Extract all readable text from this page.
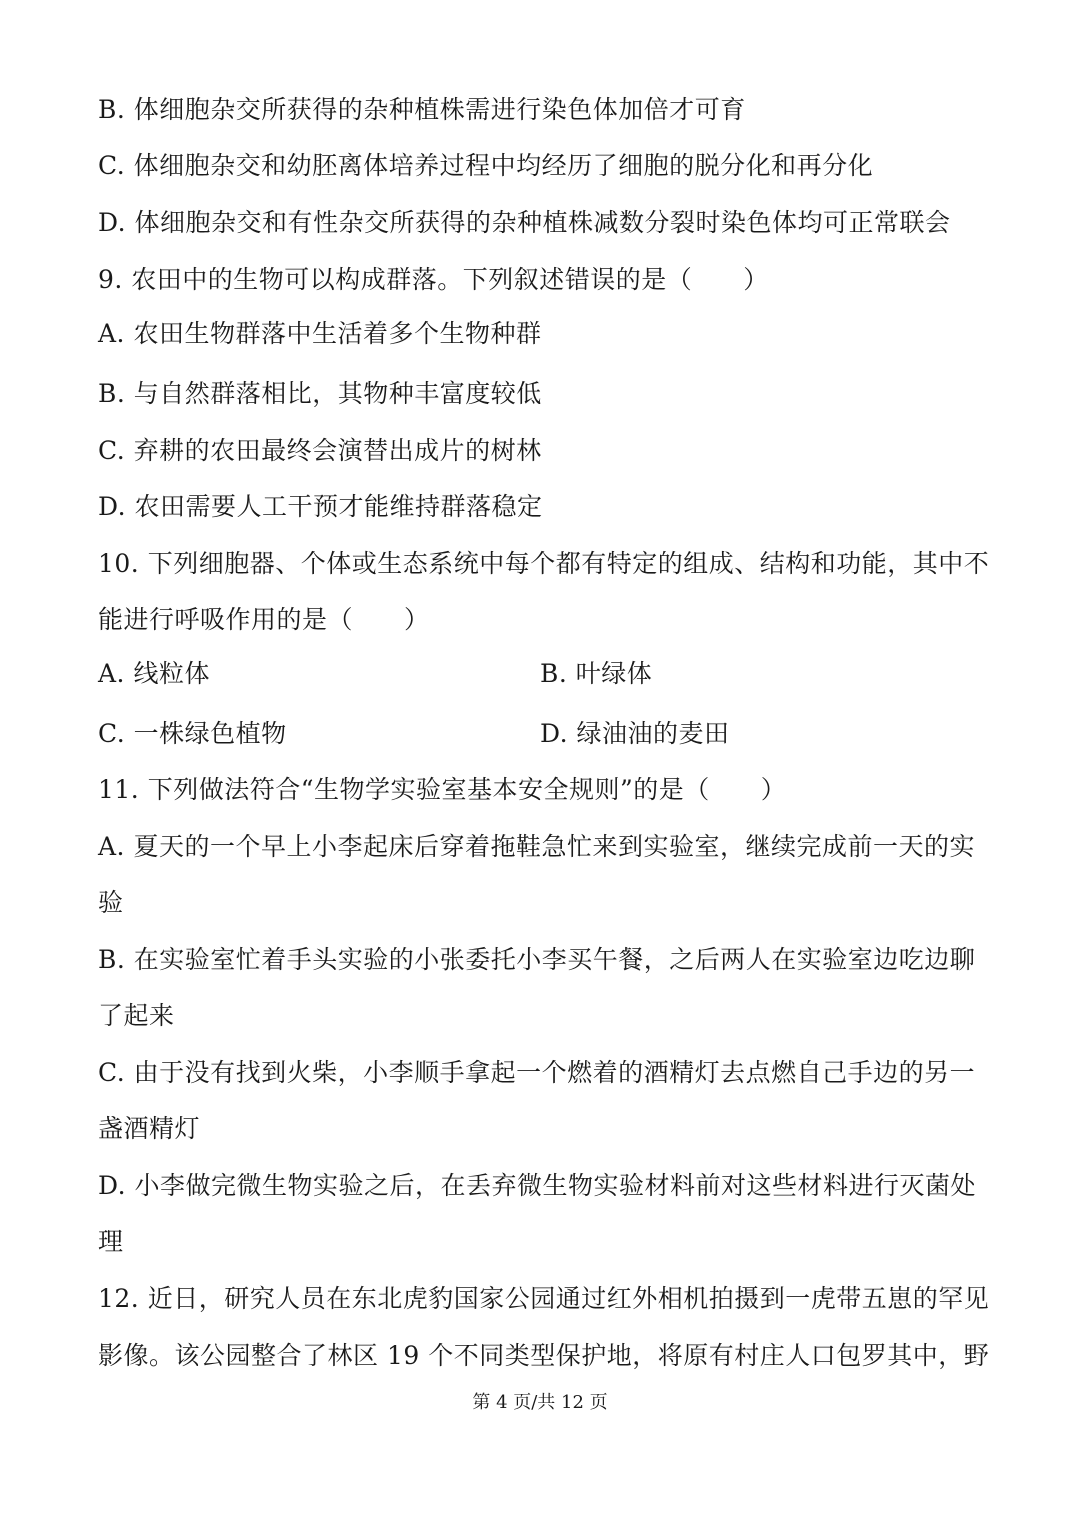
B. 体细胞杂交所获得的杂种植株需进行染色体加倍才可育
C. 体细胞杂交和幼胚离体培养过程中均经历了细胞的脱分化和再分化
D. 体细胞杂交和有性杂交所获得的杂种植株减数分裂时染色体均可正常联会
9. 农田中的生物可以构成群落。下列叙述错误的是（　　）
A. 农田生物群落中生活着多个生物种群
B. 与自然群落相比，其物种丰富度较低
C. 弃耕的农田最终会演替出成片的树林
D. 农田需要人工干预才能维持群落稳定
10. 下列细胞器、个体或生态系统中每个都有特定的组成、结构和功能，其中不
能进行呼吸作用的是（　　）
A. 线粒体	B. 叶绿体
C. 一株绿色植物	D. 绿油油的麦田
11. 下列做法符合“生物学实验室基本安全规则”的是（　　）
A. 夏天的一个早上小李起床后穿着拖鞋急忙来到实验室，继续完成前一天的实
验
B. 在实验室忙着手头实验的小张委托小李买午餐，之后两人在实验室边吃边聊
了起来
C. 由于没有找到火柴，小李顺手拿起一个燃着的酒精灯去点燃自己手边的另一
盏酒精灯
D. 小李做完微生物实验之后，在丢弃微生物实验材料前对这些材料进行灭菌处
理
12. 近日，研究人员在东北虎豹国家公园通过红外相机拍摄到一虎带五崽的罕见
影像。该公园整合了林区 19 个不同类型保护地，将原有村庄人口包罗其中，野
第 4 页/共 12 页
